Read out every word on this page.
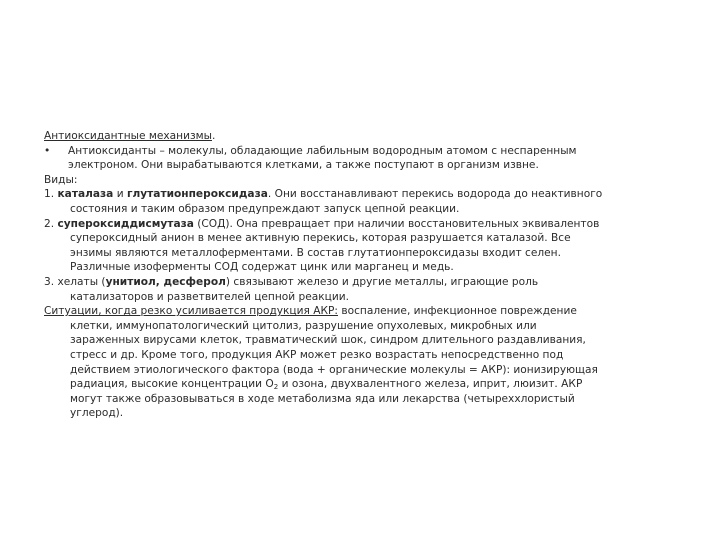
Антиоксидантные механизмы.

•	Антиоксиданты – молекулы, обладающие лабильным водородным атомом с неспаренным

электроном. Они вырабатываются клетками, а также поступают в организм извне.

Виды:

1. каталаза и глутатионпероксидаза. Они восстанавливают перекись водорода до неактивного

состояния и таким образом предупреждают запуск цепной реакции.

2. супероксиддисмутаза (СОД). Она превращает при наличии восстановительных эквивалентов

супероксидный анион в менее активную перекись, которая разрушается каталазой. Все

энзимы являются металлоферментами. В состав глутатионпероксидазы входит селен.

Различные изоферменты СОД содержат цинк или марганец и медь.

3. хелаты (унитиол, десферол) связывают железо и другие металлы, играющие роль

катализаторов и разветвителей цепной реакции.

Ситуации, когда резко усиливается продукция АКР: воспаление, инфекционное повреждение

клетки, иммунопатологический цитолиз, разрушение опухолевых, микробных или

зараженных вирусами клеток, травматический шок, синдром длительного раздавливания,

стресс и др. Кроме того, продукция АКР может резко возрастать непосредственно под

действием этиологического фактора (вода + органические молекулы = АКР): ионизирующая

радиация, высокие концентрации $О_2$ и озона, двухвалентного железа, иприт, люизит. АКР

могут также образовываться в ходе метаболизма яда или лекарства (четыреххлористый

углерод).
